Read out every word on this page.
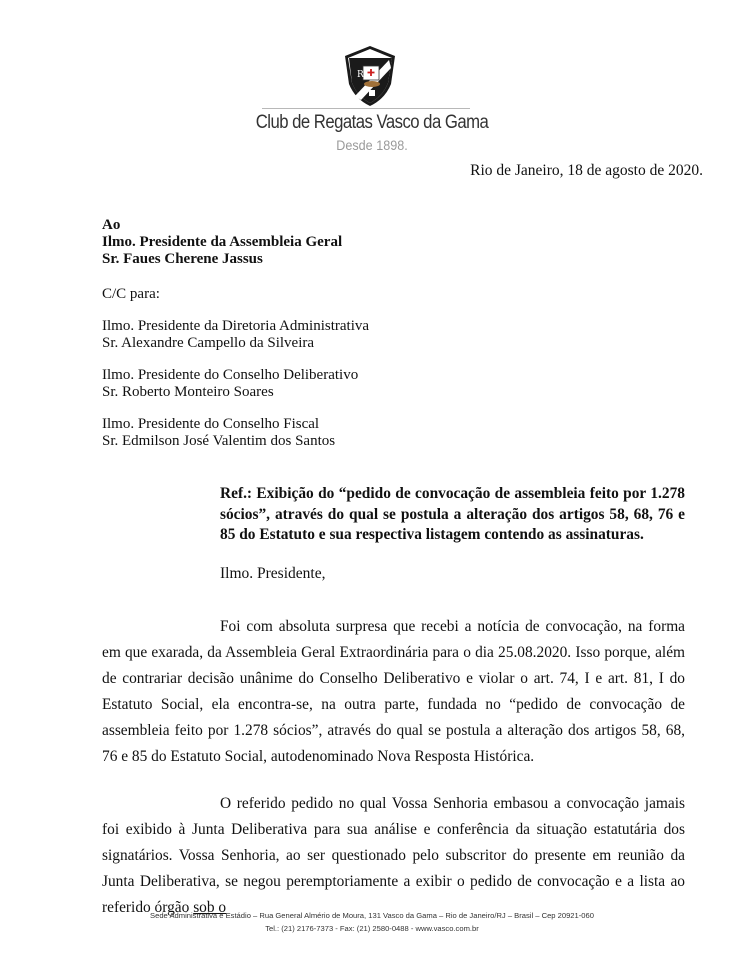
R
Club de Regatas Vasco da Gama
Desde 1898.
Rio de Janeiro, 18 de agosto de 2020.
Ao
Ilmo. Presidente da Assembleia Geral
Sr. Faues Cherene Jassus
C/C para:
Ilmo. Presidente da Diretoria Administrativa
Sr. Alexandre Campello da Silveira
Ilmo. Presidente do Conselho Deliberativo
Sr. Roberto Monteiro Soares
Ilmo. Presidente do Conselho Fiscal
Sr. Edmilson José Valentim dos Santos
Ref.: Exibição do “pedido de convocação de assembleia feito por 1.278 sócios”, através do qual se postula a alteração dos artigos 58, 68, 76 e 85 do Estatuto e sua respectiva listagem contendo as assinaturas.
Ilmo. Presidente,
Foi com absoluta surpresa que recebi a notícia de convocação, na forma em que exarada, da Assembleia Geral Extraordinária para o dia 25.08.2020. Isso porque, além de contrariar decisão unânime do Conselho Deliberativo e violar o art. 74, I e art. 81, I do Estatuto Social, ela encontra-se, na outra parte, fundada no “pedido de convocação de assembleia feito por 1.278 sócios”, através do qual se postula a alteração dos artigos 58, 68, 76 e 85 do Estatuto Social, autodenominado Nova Resposta Histórica.
O referido pedido no qual Vossa Senhoria embasou a convocação jamais foi exibido à Junta Deliberativa para sua análise e conferência da situação estatutária dos signatários. Vossa Senhoria, ao ser questionado pelo subscritor do presente em reunião da Junta Deliberativa, se negou peremptoriamente a exibir o pedido de convocação e a lista ao referido órgão sob o
Sede Administrativa e Estádio – Rua General Almério de Moura, 131 Vasco da Gama – Rio de Janeiro/RJ – Brasil – Cep 20921-060
Tel.: (21) 2176-7373 - Fax: (21) 2580-0488 - www.vasco.com.br
